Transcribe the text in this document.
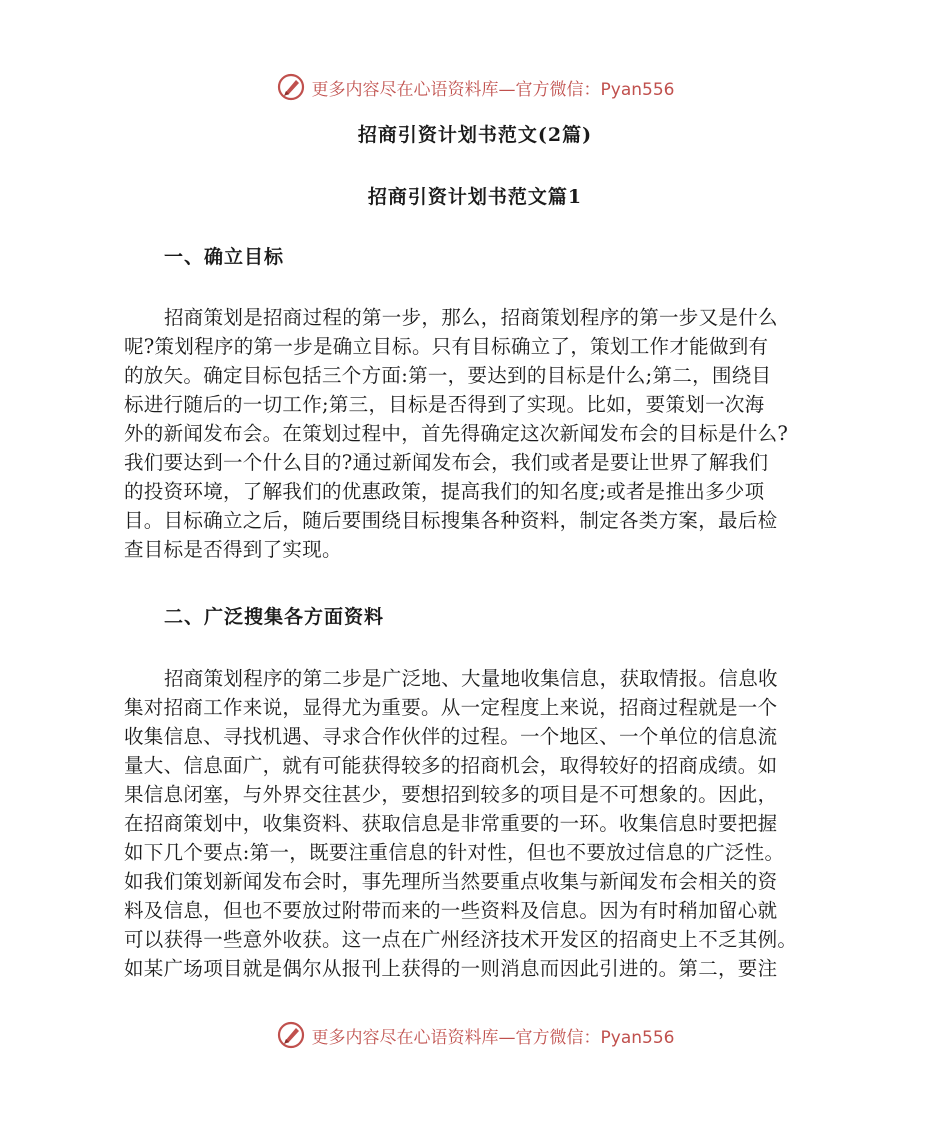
更多内容尽在心语资料库—官方微信：Pyan556
招商引资计划书范文(2篇)
招商引资计划书范文篇1
一、确立目标
招商策划是招商过程的第一步，那么，招商策划程序的第一步又是什么
呢?策划程序的第一步是确立目标。只有目标确立了，策划工作才能做到有
的放矢。确定目标包括三个方面:第一，要达到的目标是什么;第二，围绕目
标进行随后的一切工作;第三，目标是否得到了实现。比如，要策划一次海
外的新闻发布会。在策划过程中，首先得确定这次新闻发布会的目标是什么?
我们要达到一个什么目的?通过新闻发布会，我们或者是要让世界了解我们
的投资环境，了解我们的优惠政策，提高我们的知名度;或者是推出多少项
目。目标确立之后，随后要围绕目标搜集各种资料，制定各类方案，最后检
查目标是否得到了实现。
二、广泛搜集各方面资料
招商策划程序的第二步是广泛地、大量地收集信息，获取情报。信息收
集对招商工作来说，显得尤为重要。从一定程度上来说，招商过程就是一个
收集信息、寻找机遇、寻求合作伙伴的过程。一个地区、一个单位的信息流
量大、信息面广，就有可能获得较多的招商机会，取得较好的招商成绩。如
果信息闭塞，与外界交往甚少，要想招到较多的项目是不可想象的。因此，
在招商策划中，收集资料、获取信息是非常重要的一环。收集信息时要把握
如下几个要点:第一，既要注重信息的针对性，但也不要放过信息的广泛性。
如我们策划新闻发布会时，事先理所当然要重点收集与新闻发布会相关的资
料及信息，但也不要放过附带而来的一些资料及信息。因为有时稍加留心就
可以获得一些意外收获。这一点在广州经济技术开发区的招商史上不乏其例。
如某广场项目就是偶尔从报刊上获得的一则消息而因此引进的。第二，要注
更多内容尽在心语资料库—官方微信：Pyan556
